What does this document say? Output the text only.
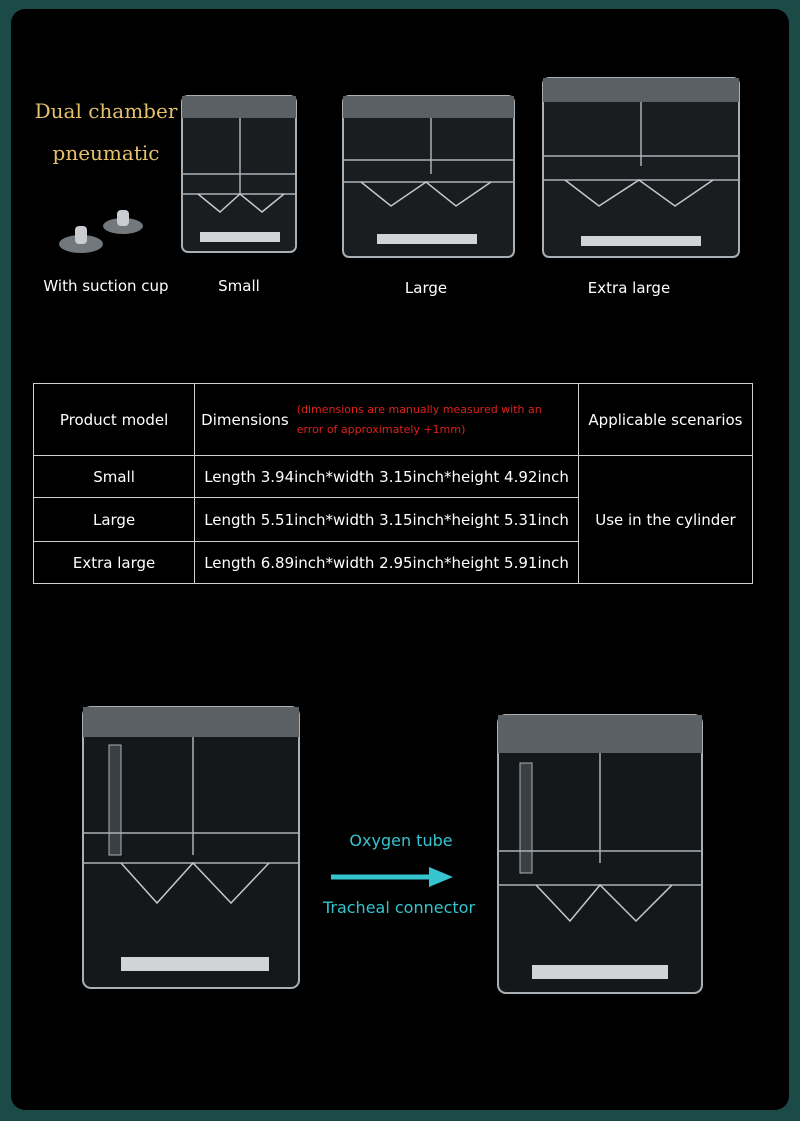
Dual chamber
pneumatic
With suction cup	Small	Large	Extra large
Product model	Dimensions
(dimensions are manually measured with an
error of approximately +1mm)	Applicable scenarios
Small	Length 3.94inch*width 3.15inch*height 4.92inch	Use in the cylinder
Large	Length 5.51inch*width 3.15inch*height 5.31inch	
Extra large	Length 6.89inch*width 2.95inch*height 5.91inch	
Oxygen tube
Tracheal connector
